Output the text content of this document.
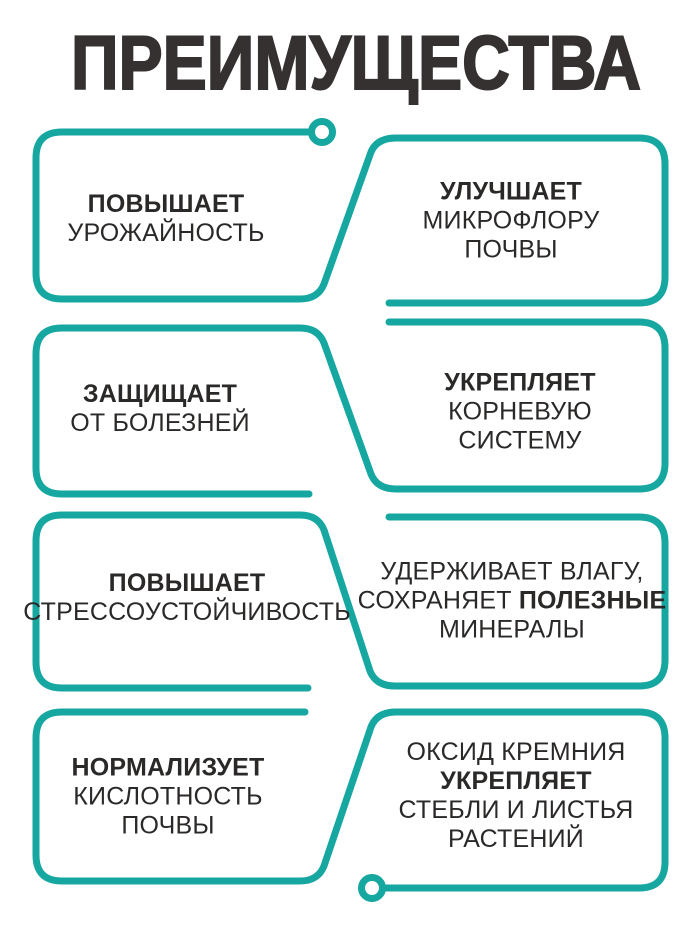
ПРЕИМУЩЕСТВА
ПОВЫШАЕТ
УРОЖАЙНОСТЬ
УЛУЧШАЕТ
МИКРОФЛОРУ
ПОЧВЫ
ЗАЩИЩАЕТ
ОТ БОЛЕЗНЕЙ
УКРЕПЛЯЕТ
КОРНЕВУЮ
СИСТЕМУ
ПОВЫШАЕТ
СТРЕССОУСТОЙЧИВОСТЬ
УДЕРЖИВАЕТ ВЛАГУ,
СОХРАНЯЕТ ПОЛЕЗНЫЕ
МИНЕРАЛЫ
НОРМАЛИЗУЕТ
КИСЛОТНОСТЬ
ПОЧВЫ
ОКСИД КРЕМНИЯ
УКРЕПЛЯЕТ
СТЕБЛИ И ЛИСТЬЯ
РАСТЕНИЙ
